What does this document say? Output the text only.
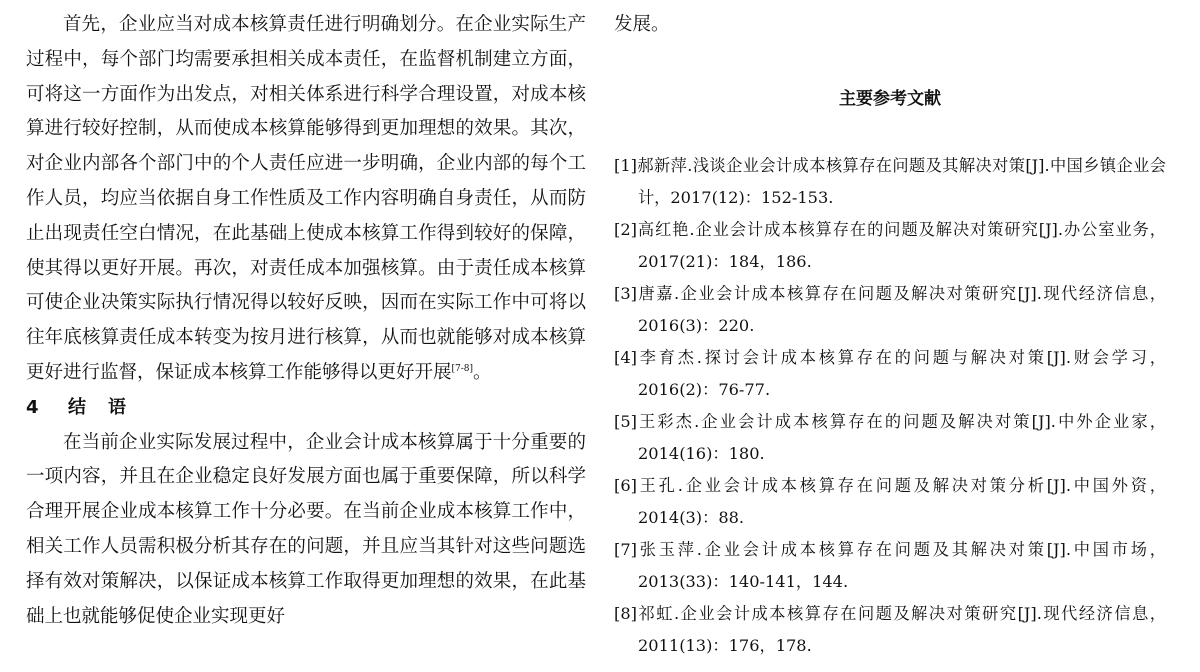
首先，企业应当对成本核算责任进行明确划分。在企业实际生产过程中，每个部门均需要承担相关成本责任，在监督机制建立方面，可将这一方面作为出发点，对相关体系进行科学合理设置，对成本核算进行较好控制，从而使成本核算能够得到更加理想的效果。其次，对企业内部各个部门中的个人责任应进一步明确，企业内部的每个工作人员，均应当依据自身工作性质及工作内容明确自身责任，从而防止出现责任空白情况，在此基础上使成本核算工作得到较好的保障，使其得以更好开展。再次，对责任成本加强核算。由于责任成本核算可使企业决策实际执行情况得以较好反映，因而在实际工作中可将以往年底核算责任成本转变为按月进行核算，从而也就能够对成本核算更好进行监督，保证成本核算工作能够得以更好开展[7-8]。

4 结 语

在当前企业实际发展过程中，企业会计成本核算属于十分重要的一项内容，并且在企业稳定良好发展方面也属于重要保障，所以科学合理开展企业成本核算工作十分必要。在当前企业成本核算工作中，相关工作人员需积极分析其存在的问题，并且应当其针对这些问题选择有效对策解决，以保证成本核算工作取得更加理想的效果，在此基础上也就能够促使企业实现更好

发展。

主要参考文献

[1]郝新萍.浅谈企业会计成本核算存在问题及其解决对策[J].中国乡镇企业会计，2017(12)：152-153.

[2]高红艳.企业会计成本核算存在的问题及解决对策研究[J].办公室业务，2017(21)：184，186.

[3]唐嘉.企业会计成本核算存在问题及解决对策研究[J].现代经济信息，2016(3)：220.

[4]李育杰.探讨会计成本核算存在的问题与解决对策[J].财会学习，2016(2)：76-77.

[5]王彩杰.企业会计成本核算存在的问题及解决对策[J].中外企业家，2014(16)：180.

[6]王孔.企业会计成本核算存在问题及解决对策分析[J].中国外资，2014(3)：88.

[7]张玉萍.企业会计成本核算存在问题及其解决对策[J].中国市场，2013(33)：140-141，144.

[8]祁虹.企业会计成本核算存在问题及解决对策研究[J].现代经济信息，2011(13)：176，178.
